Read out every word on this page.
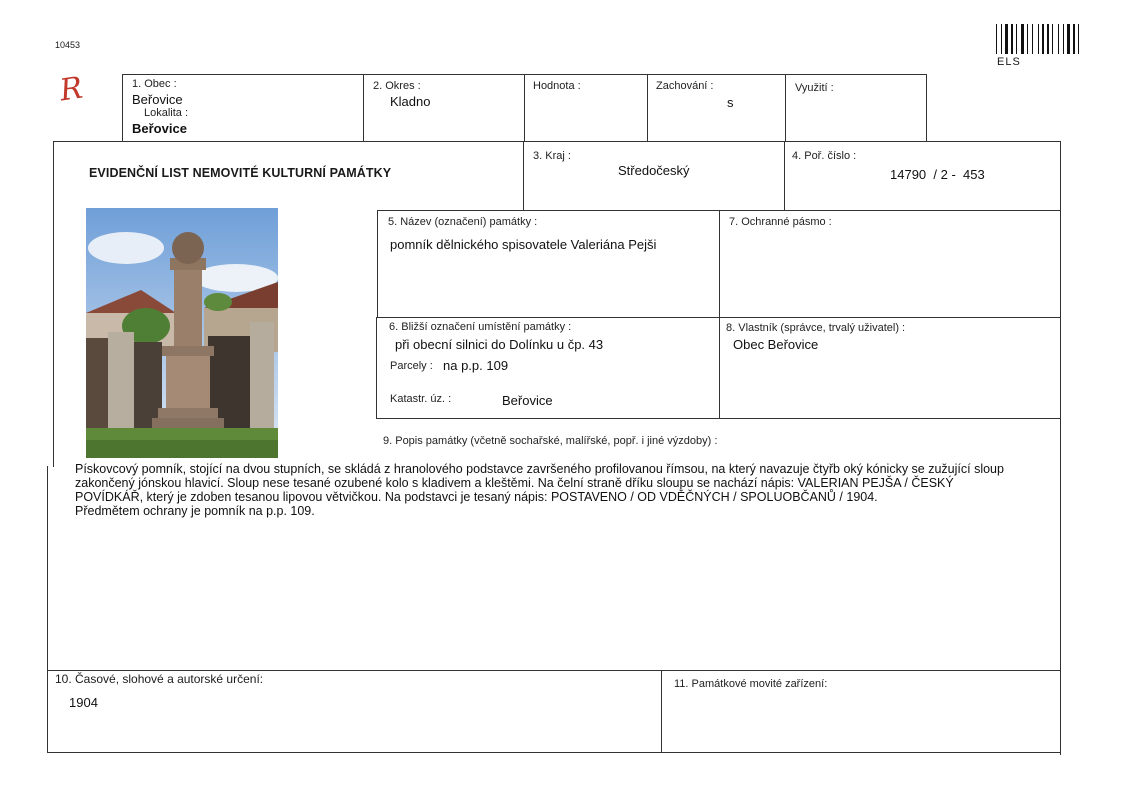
10453
R
ELS
1. Obec :
Beřovice
Lokalita :
Beřovice
2. Okres :
Kladno
Hodnota :	Zachování :
s
Využití :
EVIDENČNÍ LIST NEMOVITÉ KULTURNÍ PAMÁTKY
3. Kraj :
Středočeský
4. Poř. číslo :
14790  / 2 -  453
5. Název (označení) památky :
pomník dělnického spisovatele Valeriána Pejši
7. Ochranné pásmo :
6. Bližší označení umístění památky :
při obecní silnici do Dolínku u čp. 43
Parcely : na p.p. 109
Katastr. úz. :	Beřovice
8. Vlastník (správce, trvalý uživatel) :
Obec Beřovice
9. Popis památky (včetně sochařské, malířské, popř. i jiné výzdoby) :

Pískovcový pomník, stojící na dvou stupních, se skládá z hranolového podstavce završeného profilovanou římsou, na který navazuje čtyřb oký kónicky se zužující sloup

zakončený jónskou hlavicí. Sloup nese tesané ozubené kolo s kladivem a kleštěmi. Na čelní straně dříku sloupu se nachází nápis: VALERIAN PEJŠA / ČESKÝ

POVÍDKÁŘ, který je zdoben tesanou lipovou větvičkou. Na podstavci je tesaný nápis: POSTAVENO / OD VDĚČNÝCH / SPOLUOBČANŮ / 1904.

Předmětem ochrany je pomník na p.p. 109.

10. Časové, slohové a autorské určení:
1904
11. Památkové movité zařízení:
